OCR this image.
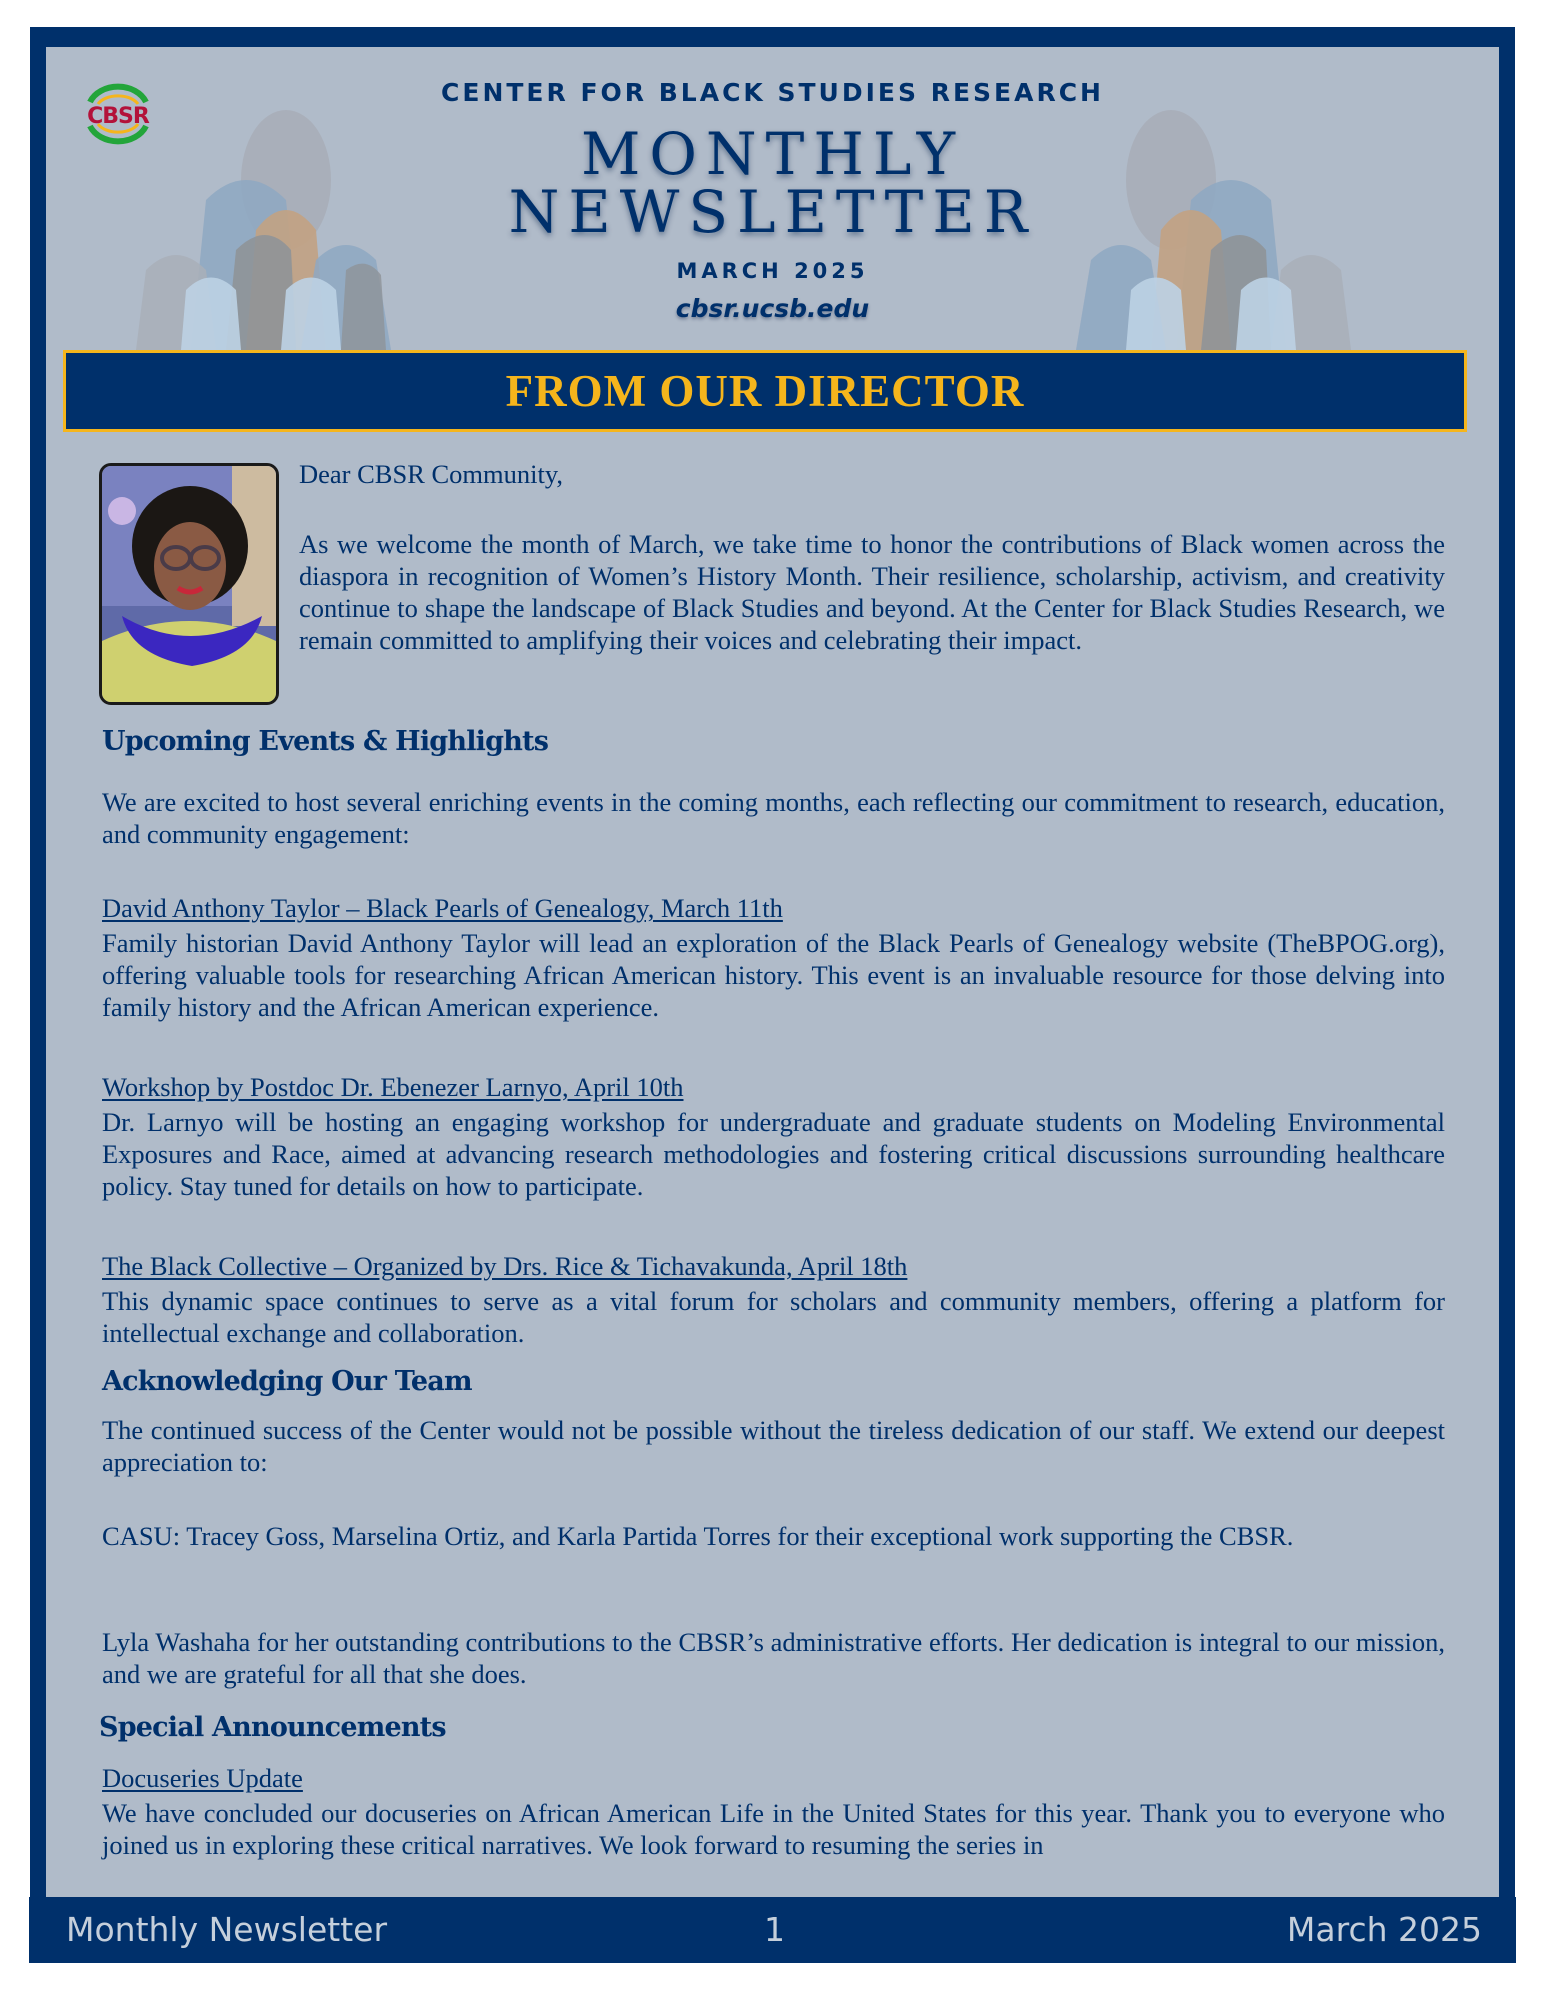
CBSR
CENTER FOR BLACK STUDIES RESEARCH
MONTHLY
NEWSLETTER
MARCH 2025
cbsr.ucsb.edu
FROM OUR DIRECTOR
Dear CBSR Community,
As we welcome the month of March, we take time to honor the contributions of Black women across the diaspora in recognition of Women’s History Month. Their resilience, scholarship, activism, and creativity continue to shape the landscape of Black Studies and beyond. At the Center for Black Studies Research, we remain committed to amplifying their voices and celebrating their impact.
Upcoming Events & Highlights
We are excited to host several enriching events in the coming months, each reflecting our commitment to research, education, and community engagement:
David Anthony Taylor – Black Pearls of Genealogy, March 11th
Family historian David Anthony Taylor will lead an exploration of the Black Pearls of Genealogy website (TheBPOG.org), offering valuable tools for researching African American history. This event is an invaluable resource for those delving into family history and the African American experience.
Workshop by Postdoc Dr. Ebenezer Larnyo, April 10th
Dr. Larnyo will be hosting an engaging workshop for undergraduate and graduate students on Modeling Environmental Exposures and Race, aimed at advancing research methodologies and fostering critical discussions surrounding healthcare policy. Stay tuned for details on how to participate.
The Black Collective – Organized by Drs. Rice & Tichavakunda, April 18th
This dynamic space continues to serve as a vital forum for scholars and community members, offering a platform for intellectual exchange and collaboration.
Acknowledging Our Team
The continued success of the Center would not be possible without the tireless dedication of our staff. We extend our deepest appreciation to:
CASU: Tracey Goss, Marselina Ortiz, and Karla Partida Torres for their exceptional work supporting the CBSR.
Lyla Washaha for her outstanding contributions to the CBSR’s administrative efforts. Her dedication is integral to our mission, and we are grateful for all that she does.
Special Announcements
Docuseries Update
We have concluded our docuseries on African American Life in the United States for this year. Thank you to everyone who joined us in exploring these critical narratives. We look forward to resuming the series in
Monthly Newsletter	1	March 2025
